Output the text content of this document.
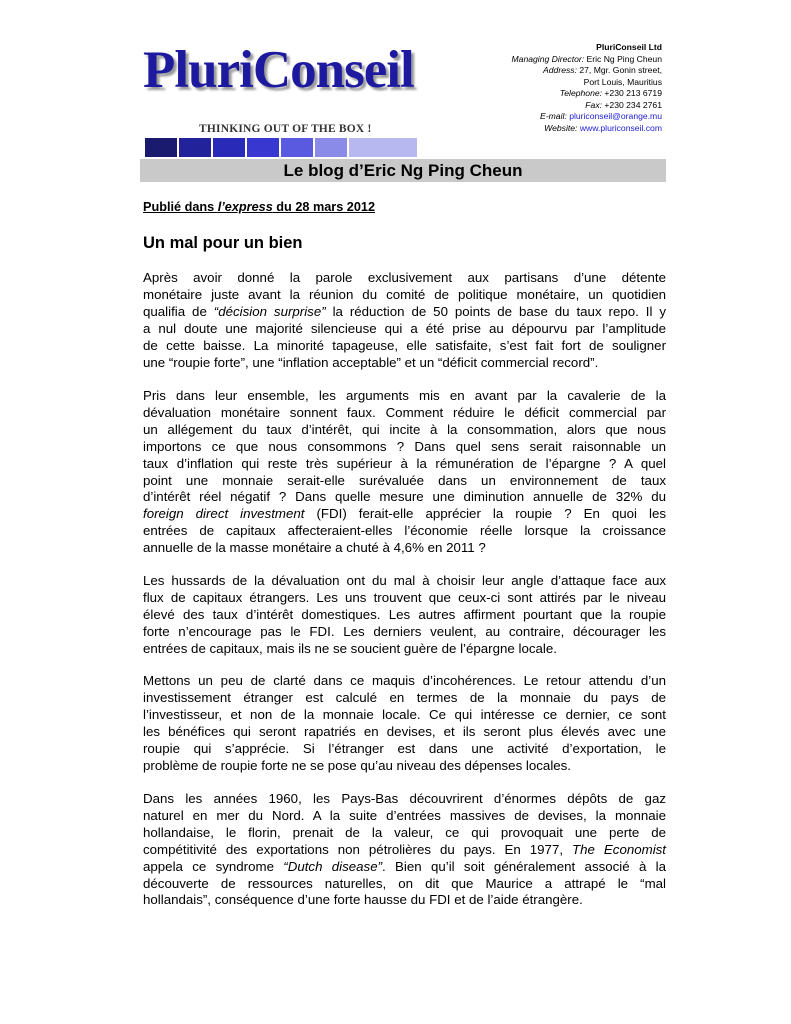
PluriConseil
THINKING OUT OF THE BOX !
PluriConseil Ltd
Managing Director: Eric Ng Ping Cheun
Address: 27, Mgr. Gonin street,
Port Louis, Mauritius
Telephone: +230 213 6719
Fax: +230 234 2761
E-mail: pluriconseil@orange.mu
Website: www.pluriconseil.com
Le blog d’Eric Ng Ping Cheun
Publié dans l’express du 28 mars 2012
Un mal pour un bien
Après avoir donné la parole exclusivement aux partisans d’une détente
monétaire juste avant la réunion du comité de politique monétaire, un quotidien
qualifia de “décision surprise” la réduction de 50 points de base du taux repo. Il y
a nul doute une majorité silencieuse qui a été prise au dépourvu par l’amplitude
de cette baisse. La minorité tapageuse, elle satisfaite, s’est fait fort de souligner
une “roupie forte”, une “inflation acceptable” et un “déficit commercial record”.
Pris dans leur ensemble, les arguments mis en avant par la cavalerie de la
dévaluation monétaire sonnent faux. Comment réduire le déficit commercial par
un allégement du taux d’intérêt, qui incite à la consommation, alors que nous
importons ce que nous consommons ? Dans quel sens serait raisonnable un
taux d’inflation qui reste très supérieur à la rémunération de l’épargne ? A quel
point une monnaie serait-elle surévaluée dans un environnement de taux
d’intérêt réel négatif ? Dans quelle mesure une diminution annuelle de 32% du
foreign direct investment (FDI) ferait-elle apprécier la roupie ? En quoi les
entrées de capitaux affecteraient-elles l’économie réelle lorsque la croissance
annuelle de la masse monétaire a chuté à 4,6% en 2011 ?
Les hussards de la dévaluation ont du mal à choisir leur angle d’attaque face aux
flux de capitaux étrangers. Les uns trouvent que ceux-ci sont attirés par le niveau
élevé des taux d’intérêt domestiques. Les autres affirment pourtant que la roupie
forte n’encourage pas le FDI. Les derniers veulent, au contraire, décourager les
entrées de capitaux, mais ils ne se soucient guère de l’épargne locale.
Mettons un peu de clarté dans ce maquis d’incohérences. Le retour attendu d’un
investissement étranger est calculé en termes de la monnaie du pays de
l’investisseur, et non de la monnaie locale. Ce qui intéresse ce dernier, ce sont
les bénéfices qui seront rapatriés en devises, et ils seront plus élevés avec une
roupie qui s’apprécie. Si l’étranger est dans une activité d’exportation, le
problème de roupie forte ne se pose qu’au niveau des dépenses locales.
Dans les années 1960, les Pays-Bas découvrirent d’énormes dépôts de gaz
naturel en mer du Nord. A la suite d’entrées massives de devises, la monnaie
hollandaise, le florin, prenait de la valeur, ce qui provoquait une perte de
compétitivité des exportations non pétrolières du pays. En 1977, The Economist
appela ce syndrome “Dutch disease”. Bien qu’il soit généralement associé à la
découverte de ressources naturelles, on dit que Maurice a attrapé le “mal
hollandais”, conséquence d’une forte hausse du FDI et de l’aide étrangère.
